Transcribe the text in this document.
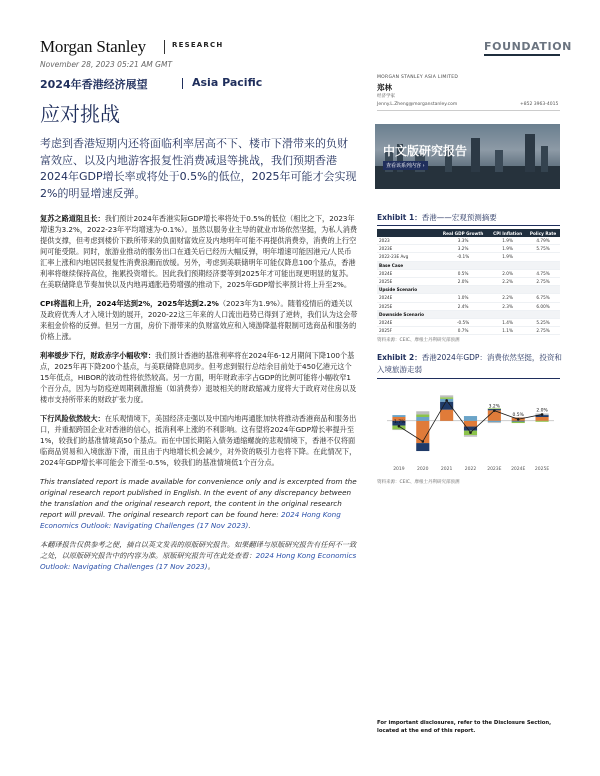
Morgan Stanley	RESEARCH	FOUNDATION
November 28, 2023 05:21 AM GMT
2024年香港经济展望	Asia Pacific
应对挑战
考虑到香港短期内还将面临利率居高不下、楼市下滑带来的负财富效应、以及内地游客报复性消费减退等挑战，我们预期香港2024年GDP增长率或将处于0.5%的低位，2025年可能才会实现2%的明显增速反弹。

复苏之路道阻且长：我们预计2024年香港实际GDP增长率将处于0.5%的低位（相比之下，2023年增速为3.2%，2022-23年平均增速为-0.1%）。虽然以服务业主导的就业市场依然坚挺，为私人消费提供支撑，但考虑到楼价下跌所带来的负面财富效应及内地明年可能不再提供消费券，消费的上行空间可能受限。同时，旅游业推动的服务出口在通关后已经历大幅反弹，明年增速可能因港元/人民币汇率上涨和内地居民报复性消费浪潮而放缓。另外，考虑到美联储明年可能仅降息100个基点，香港利率将继续保持高位，拖累投资增长。因此我们预期经济要等到2025年才可能出现更明显的复苏。在美联储降息节奏加快以及内地再通胀趋势增强的推动下，2025年GDP增长率预计将上升至2%。

CPI将温和上升，2024年达到2%，2025年达到2.2%（2023年为1.9%）。随着疫情后的通关以及政府优秀人才入境计划的展开，2020-22这三年来的人口流出趋势已得到了逆转，我们认为这会带来租金价格的反弹。但另一方面，房价下滑带来的负财富效应和入境游降温将限制可选商品和服务的价格上涨。

利率缓步下行，财政赤字小幅收窄：我们预计香港的基准利率将在2024年6-12月期间下降100个基点，2025年再下降200个基点，与美联储降息同步。但考虑到银行总结余目前处于450亿港元这个15年低点，HIBOR的波动性将依然较高。另一方面，明年财政赤字占GDP的比例可能将小幅收窄1个百分点，因为与防疫逆周期刺激措施（如消费券）退坡相关的财政缩减力度将大于政府对住房以及楼市支持所带来的财政扩张力度。

下行风险依然较大：在乐观情境下，美国经济走强以及中国内地再通胀加快将推动香港商品和服务出口，并重振跨国企业对香港的信心，抵消利率上涨的不利影响。这有望将2024年GDP增长率提升至1%，较我们的基准情境高50个基点。而在中国长期陷入债务通缩螺旋的悲观情境下，香港不仅将面临商品贸易和入境旅游下滑，而且由于内地增长机会减少，对外资的吸引力也将下降。在此情况下，2024年GDP增长率可能会下滑至-0.5%，较我们的基准情境低1个百分点。

This translated report is made available for convenience only and is excerpted from the original research report published in English. In the event of any discrepancy between the translation and the original research report, the content in the original research report will prevail. The original research report can be found here: 2024 Hong Kong Economics Outlook: Navigating Challenges (17 Nov 2023).

本翻译报告仅供参考之便，摘自以英文发表的原版研究报告。如果翻译与原版研究报告有任何不一致之处，以原版研究报告中的内容为准。原版研究报告可在此处查看：2024 Hong Kong Economics Outlook: Navigating Challenges (17 Nov 2023)。

MORGAN STANLEY ASIA LIMITED
郑林
经济学家
Jenny.L.Zheng@morganstanley.com	+852 3963-4015
中文版研究报告
查看该系列内容 ›
Exhibit 1：香港——宏观预测摘要
	Real GDP Growth	CPI Inflation	Policy Rate
2023	3.3%	1.9%	4.79%
2023E	3.2%	1.9%	5.75%
2022-23E Avg	-0.1%	1.9%	
Base Case			
2024E	0.5%	2.0%	4.75%
2025E	2.0%	2.2%	2.75%
Upside Scenario			
2024E	1.0%	2.2%	6.75%
2025E	2.4%	2.3%	6.00%
Downside Scenario			
2024E	-0.5%	1.4%	5.25%
2025F	0.7%	1.1%	2.75%
资料来源：CEIC、摩根士丹利研究部预测
Exhibit 2：香港2024年GDP：消费依然坚挺，投资和入境旅游走弱
2019	2020	2021	2022 2023E 2024E 2025E
-1.7%
3.2%
0.5%
2.0%
资料来源：CEIC、摩根士丹利研究部预测
For important disclosures, refer to the Disclosure Section, located at the end of this report.
